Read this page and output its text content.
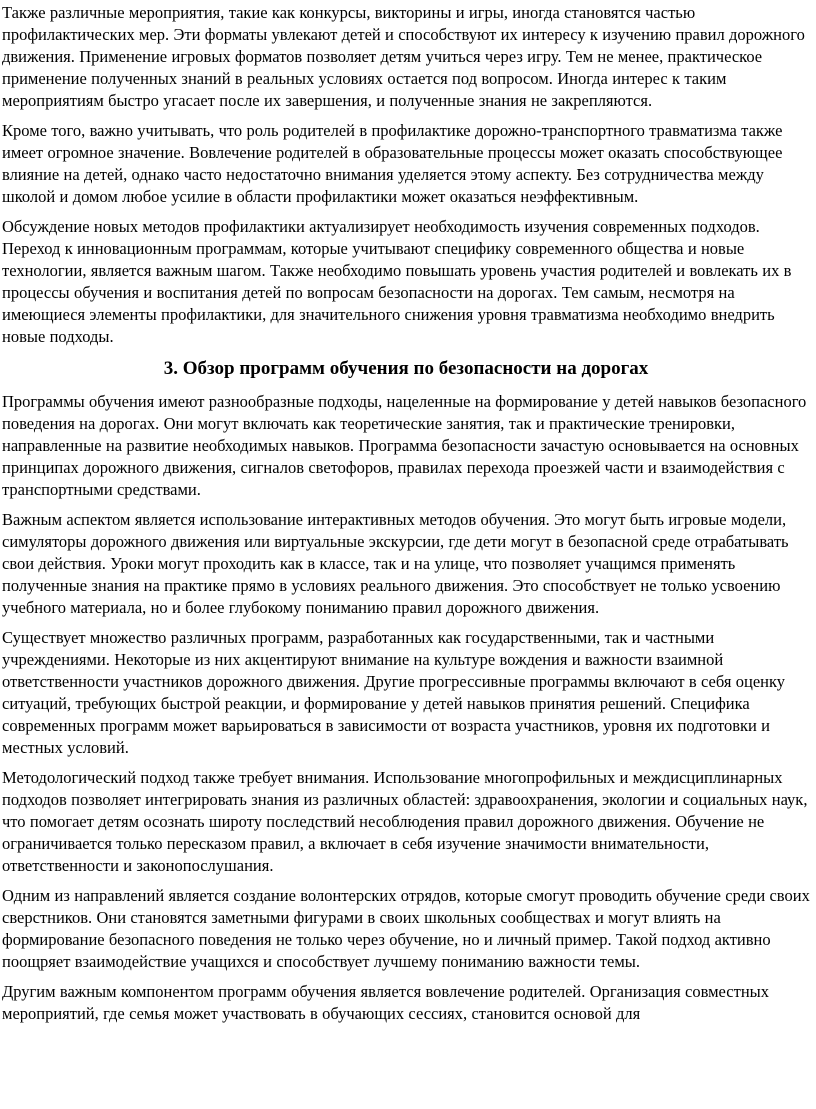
Также различные мероприятия, такие как конкурсы, викторины и игры, иногда становятся частью профилактических мер. Эти форматы увлекают детей и способствуют их интересу к изучению правил дорожного движения. Применение игровых форматов позволяет детям учиться через игру. Тем не менее, практическое применение полученных знаний в реальных условиях остается под вопросом. Иногда интерес к таким мероприятиям быстро угасает после их завершения, и полученные знания не закрепляются.

Кроме того, важно учитывать, что роль родителей в профилактике дорожно-транспортного травматизма также имеет огромное значение. Вовлечение родителей в образовательные процессы может оказать способствующее влияние на детей, однако часто недостаточно внимания уделяется этому аспекту. Без сотрудничества между школой и домом любое усилие в области профилактики может оказаться неэффективным.

Обсуждение новых методов профилактики актуализирует необходимость изучения современных подходов. Переход к инновационным программам, которые учитывают специфику современного общества и новые технологии, является важным шагом. Также необходимо повышать уровень участия родителей и вовлекать их в процессы обучения и воспитания детей по вопросам безопасности на дорогах. Тем самым, несмотря на имеющиеся элементы профилактики, для значительного снижения уровня травматизма необходимо внедрить новые подходы.

3. Обзор программ обучения по безопасности на дорогах

Программы обучения имеют разнообразные подходы, нацеленные на формирование у детей навыков безопасного поведения на дорогах. Они могут включать как теоретические занятия, так и практические тренировки, направленные на развитие необходимых навыков. Программа безопасности зачастую основывается на основных принципах дорожного движения, сигналов светофоров, правилах перехода проезжей части и взаимодействия с транспортными средствами.

Важным аспектом является использование интерактивных методов обучения. Это могут быть игровые модели, симуляторы дорожного движения или виртуальные экскурсии, где дети могут в безопасной среде отрабатывать свои действия. Уроки могут проходить как в классе, так и на улице, что позволяет учащимся применять полученные знания на практике прямо в условиях реального движения. Это способствует не только усвоению учебного материала, но и более глубокому пониманию правил дорожного движения.

Существует множество различных программ, разработанных как государственными, так и частными учреждениями. Некоторые из них акцентируют внимание на культуре вождения и важности взаимной ответственности участников дорожного движения. Другие прогрессивные программы включают в себя оценку ситуаций, требующих быстрой реакции, и формирование у детей навыков принятия решений. Специфика современных программ может варьироваться в зависимости от возраста участников, уровня их подготовки и местных условий.

Методологический подход также требует внимания. Использование многопрофильных и междисциплинарных подходов позволяет интегрировать знания из различных областей: здравоохранения, экологии и социальных наук, что помогает детям осознать широту последствий несоблюдения правил дорожного движения. Обучение не ограничивается только пересказом правил, а включает в себя изучение значимости внимательности, ответственности и законопослушания.

Одним из направлений является создание волонтерских отрядов, которые смогут проводить обучение среди своих сверстников. Они становятся заметными фигурами в своих школьных сообществах и могут влиять на формирование безопасного поведения не только через обучение, но и личный пример. Такой подход активно поощряет взаимодействие учащихся и способствует лучшему пониманию важности темы.

Другим важным компонентом программ обучения является вовлечение родителей. Организация совместных мероприятий, где семья может участвовать в обучающих сессиях, становится основой для
